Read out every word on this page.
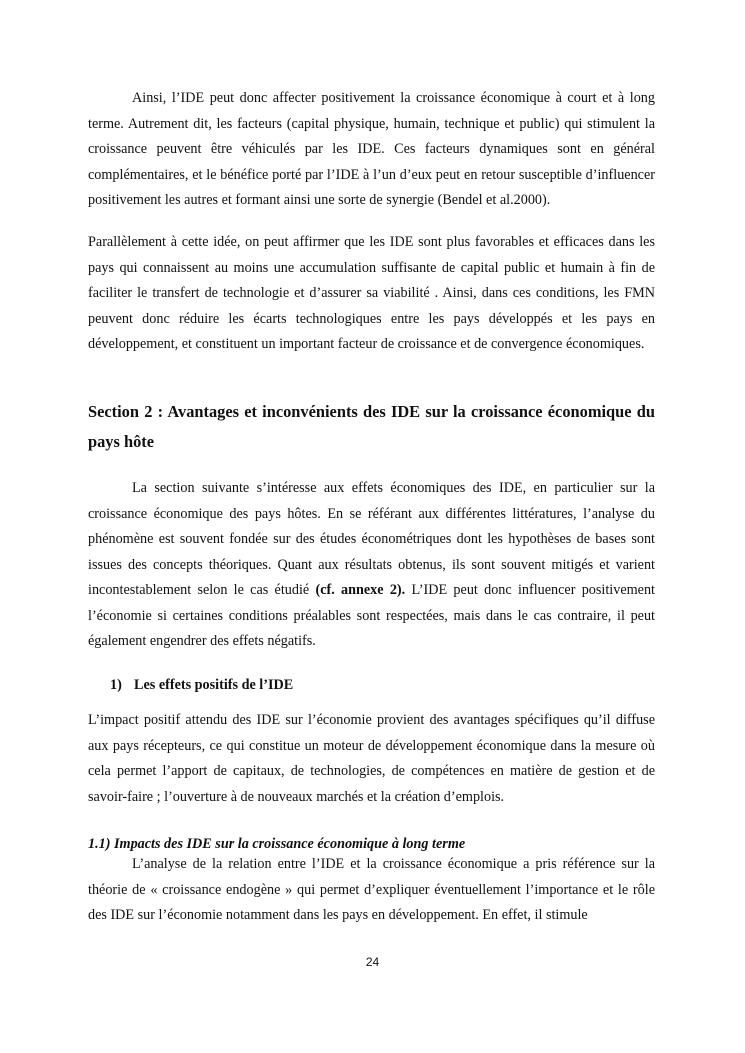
Ainsi, l’IDE peut donc affecter positivement la croissance économique à court et à long terme. Autrement dit, les facteurs (capital physique, humain, technique et public) qui stimulent la croissance peuvent être véhiculés par les IDE. Ces facteurs dynamiques sont en général complémentaires, et le bénéfice porté par l’IDE à l’un d’eux peut en retour susceptible d’influencer positivement les autres et formant ainsi une sorte de synergie (Bendel et al.2000).

Parallèlement à cette idée, on peut affirmer que les IDE sont plus favorables et efficaces dans les pays qui connaissent au moins une accumulation suffisante de capital public et humain à fin de faciliter le transfert de technologie et d’assurer sa viabilité . Ainsi, dans ces conditions, les FMN peuvent donc réduire les écarts technologiques entre les pays développés et les pays en développement, et constituent un important facteur de croissance et de convergence économiques.

Section 2 : Avantages et inconvénients des IDE sur la croissance économique du pays hôte

La section suivante s’intéresse aux effets économiques des IDE, en particulier sur la croissance économique des pays hôtes. En se référant aux différentes littératures, l’analyse du phénomène est souvent fondée sur des études économétriques dont les hypothèses de bases sont issues des concepts théoriques. Quant aux résultats obtenus, ils sont souvent mitigés et varient incontestablement selon le cas étudié (cf. annexe 2). L’IDE peut donc influencer positivement l’économie si certaines conditions préalables sont respectées, mais dans le cas contraire, il peut également engendrer des effets négatifs.

1) Les effets positifs de l’IDE

L’impact positif attendu des IDE sur l’économie provient des avantages spécifiques qu’il diffuse aux pays récepteurs, ce qui constitue un moteur de développement économique dans la mesure où cela permet l’apport de capitaux, de technologies, de compétences en matière de gestion et de savoir-faire ; l’ouverture à de nouveaux marchés et la création d’emplois.

1.1) Impacts des IDE sur la croissance économique à long terme

L’analyse de la relation entre l’IDE et la croissance économique a pris référence sur la théorie de « croissance endogène » qui permet d’expliquer éventuellement l’importance et le rôle des IDE sur l’économie notamment dans les pays en développement. En effet, il stimule

24
